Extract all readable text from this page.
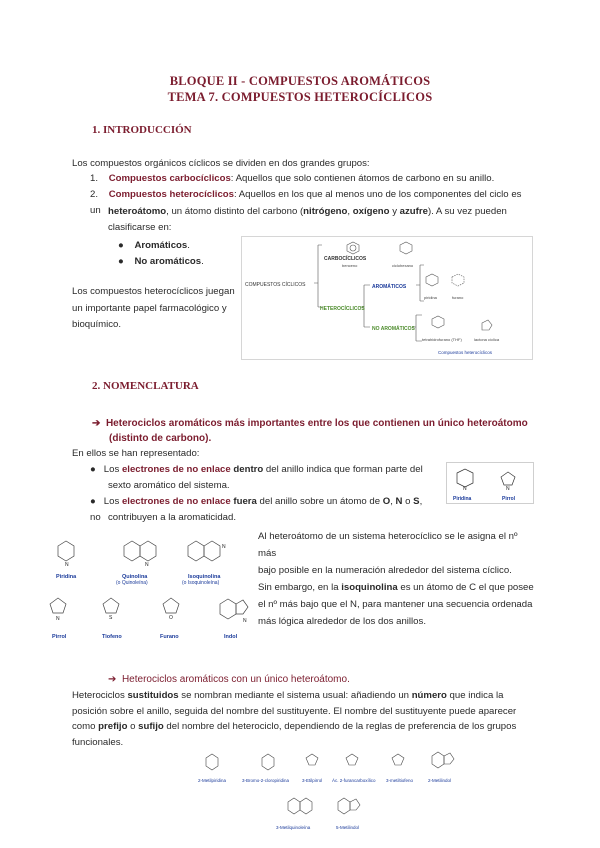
BLOQUE II - COMPUESTOS AROMÁTICOS
TEMA 7. COMPUESTOS HETEROCÍCLICOS
1. INTRODUCCIÓN
Los compuestos orgánicos cíclicos se dividen en dos grandes grupos:
1. Compuestos carbocíclicos: Aquellos que solo contienen átomos de carbono en su anillo.
2. Compuestos heterocíclicos: Aquellos en los que al menos uno de los componentes del ciclo es un heteroátomo, un átomo distinto del carbono (nitrógeno, oxígeno y azufre). A su vez pueden
clasificarse en:
● Aromáticos.
● No aromáticos.
Los compuestos heterocíclicos juegan
un importante papel farmacológico y
bioquímico.
COMPUESTOS CÍCLICOS
CARBOCÍCLICOS
HETEROCÍCLICOS
AROMÁTICOS
NO AROMÁTICOS
benceno	ciclohexano
piridina	furano
tetrahidrofurano (THF)	lactona cíclica
Compuestos heterocíclicos
2. NOMENCLATURA
➔ Heterociclos aromáticos más importantes entre los que contienen un único heteroátomo
(distinto de carbono).
En ellos se han representado:
● Los electrones de no enlace dentro del anillo indica que forman parte del
sexto aromático del sistema.
● Los electrones de no enlace fuera del anillo sobre un átomo de O, N o S, no contribuyen a la aromaticidad.
N	N
Piridina	Pirrol
Al heteroátomo de un sistema heterocíclico se le asigna el nº más
bajo posible en la numeración alrededor del sistema cíclico.
Sin embargo, en la isoquinolina es un átomo de C el que posee
el nº más bajo que el N, para mantener una secuencia ordenada
más lógica alrededor de los dos anillos.
N	N
N
N	S	O	N
Piridina	Quinolina
(o Quinoleína)
Isoquinolina
(o Isoquinoleína)
Pirrol	Tiofeno	Furano	Indol
➔ Heterociclos aromáticos con un único heteroátomo.
Heterociclos sustituidos se nombran mediante el sistema usual: añadiendo un número que indica la
posición sobre el anillo, seguida del nombre del sustituyente. El nombre del sustituyente puede aparecer
como prefijo o sufijo del nombre del heterociclo, dependiendo de la reglas de preferencia de los grupos
funcionales.
2-Metilpiridina	3-Bromo-2-cloropiridina	3-Etilpirrol Ác. 2-furancarboxílico 3-metiltiofeno	2-Metilindol
3-Metilquinoleína	5-Metilindol
